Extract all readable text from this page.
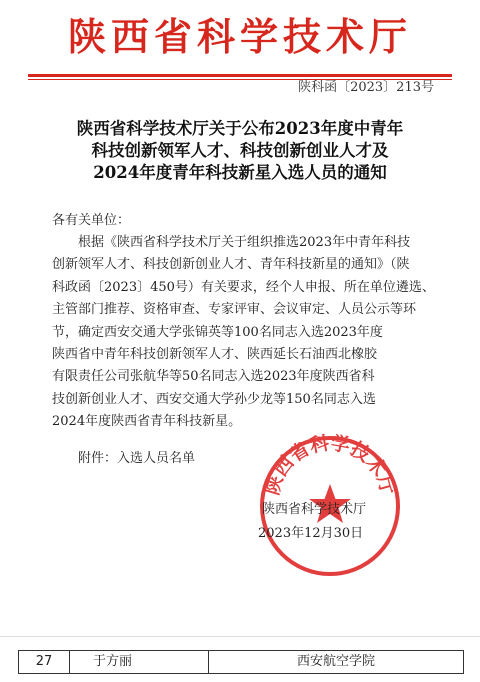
陕西省科学技术厅
陕科函〔2023〕213号
陕西省科学技术厅关于公布2023年度中青年
科技创新领军人才、科技创新创业人才及
2024年度青年科技新星入选人员的通知
各有关单位：
　　根据《陕西省科学技术厅关于组织推选2023年中青年科技
创新领军人才、科技创新创业人才、青年科技新星的通知》（陕
科政函〔2023〕450号）有关要求，经个人申报、所在单位遴选、
主管部门推荐、资格审查、专家评审、会议审定、人员公示等环
节，确定西安交通大学张锦英等100名同志入选2023年度
陕西省中青年科技创新领军人才、陕西延长石油西北橡胶
有限责任公司张航华等50名同志入选2023年度陕西省科
技创新创业人才、西安交通大学孙少龙等150名同志入选
2024年度陕西省青年科技新星。
附件：入选人员名单
陕西省科学技术厅
陕西省科学技术厅
2023年12月30日
27	于方丽	西安航空学院
